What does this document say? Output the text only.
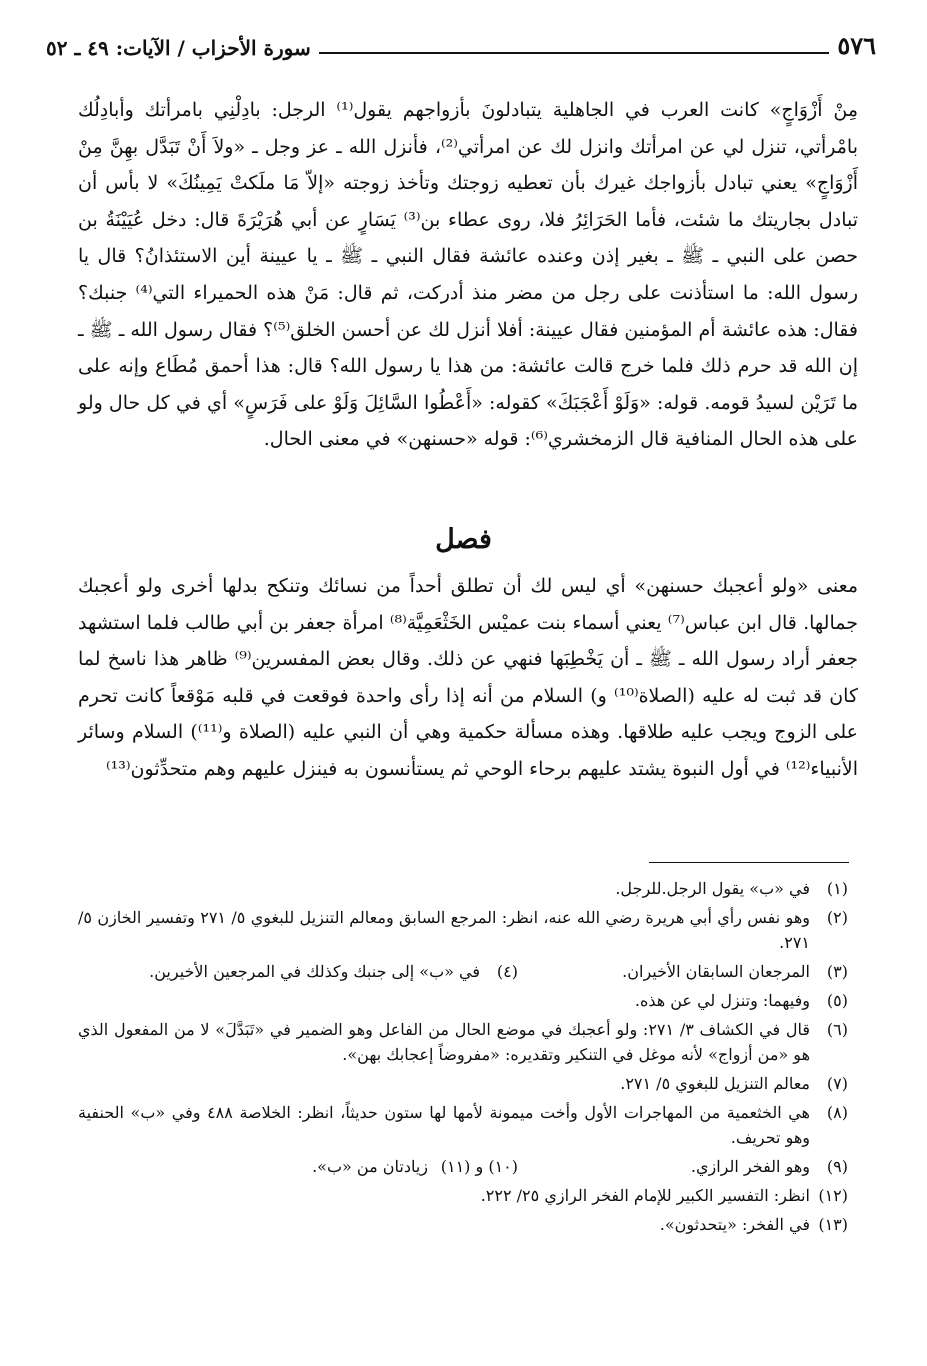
٥٧٦
سورة الأحزاب / الآيات: ٤٩ ـ ٥٢

مِنْ أَزْوَاجٍ» كانت العرب في الجاهلية يتبادلونَ بأزواجهم يقول⁽¹⁾ الرجل: بادِلْنِي بامرأتك وأبادِلُك بامْرأتي، تنزل لي عن امرأتك وانزل لك عن امرأتي⁽²⁾، فأنزل الله ـ عز وجل ـ «ولاَ أَنْ تَبَدَّل بهِنَّ مِنْ أَزْوَاجٍ» يعني تبادل بأزواجك غيرك بأن تعطيه زوجتك وتأخذ زوجته «إلاّ مَا ملَكتْ يَمِينُكَ» لا بأس أن تبادل بجاريتك ما شئت، فأما الحَرَائِرُ فلا، روى عطاء بن⁽³⁾ يَسَارٍ عن أبي هُرَيْرَةَ قال: دخل عُيَيْنَةُ بن حصن على النبي ـ ﷺ ـ بغير إذن وعنده عائشة فقال النبي ـ ﷺ ـ يا عيينة أين الاستئذانُ؟ قال يا رسول الله: ما استأذنت على رجل من مضر منذ أدركت، ثم قال: مَنْ هذه الحميراء التي⁽⁴⁾ جنبك؟ فقال: هذه عائشة أم المؤمنين فقال عيينة: أفلا أنزل لك عن أحسن الخلق⁽⁵⁾؟ فقال رسول الله ـ ﷺ ـ إن الله قد حرم ذلك فلما خرج قالت عائشة: من هذا يا رسول الله؟ قال: هذا أحمق مُطَاع وإنه على ما تَرَيْن لسيدُ قومه. قوله: «وَلَوْ أَعْجَبَكَ» كقوله: «أَعْطُوا السَّائِلَ وَلَوْ على فَرَسٍ» أي في كل حال ولو على هذه الحال المنافية قال الزمخشري⁽⁶⁾: قوله «حسنهن» في معنى الحال.

فصل

معنى «ولو أعجبك حسنهن» أي ليس لك أن تطلق أحداً من نسائك وتنكح بدلها أخرى ولو أعجبك جمالها. قال ابن عباس⁽⁷⁾ يعني أسماء بنت عميْس الخَثْعَمِيَّة⁽⁸⁾ امرأة جعفر بن أبي طالب فلما استشهد جعفر أراد رسول الله ـ ﷺ ـ أن يَخْطِبَها فنهي عن ذلك. وقال بعض المفسرين⁽⁹⁾ ظاهر هذا ناسخ لما كان قد ثبت له عليه (الصلاة⁽¹⁰⁾ و) السلام من أنه إذا رأى واحدة فوقعت في قلبه مَوْقعاً كانت تحرم على الزوج ويجب عليه طلاقها. وهذه مسألة حكمية وهي أن النبي عليه (الصلاة و⁽¹¹⁾) السلام وسائر الأنبياء⁽¹²⁾ في أول النبوة يشتد عليهم برحاء الوحي ثم يستأنسون به فينزل عليهم وهم متحدِّثون⁽¹³⁾

(١)
في «ب» يقول الرجل.للرجل.
(٢)
وهو نفس رأي أبي هريرة رضي الله عنه، انظر: المرجع السابق ومعالم التنزيل للبغوي ٥/ ٢٧١ وتفسير الخازن ٥/ ٢٧١.
(٣)
المرجعان السابقان الأخيران.
(٤)
في «ب» إلى جنبك وكذلك في المرجعين الأخيرين.
(٥)
وفيهما: وتنزل لي عن هذه.
(٦)
قال في الكشاف ٣/ ٢٧١: ولو أعجبك في موضع الحال من الفاعل وهو الضمير في «تَبَدَّلَ» لا من المفعول الذي هو «من أزواج» لأنه موغل في التنكير وتقديره: «مفروضاً إعجابك بهن».
(٧)
معالم التنزيل للبغوي ٥/ ٢٧١.
(٨)
هي الخثعمية من المهاجرات الأول وأخت ميمونة لأمها لها ستون حديثاً، انظر: الخلاصة ٤٨٨ وفي «ب» الحنفية وهو تحريف.
(٩)
وهو الفخر الرازي.
(١٠) و (١١)
زيادتان من «ب».
(١٢)
انظر: التفسير الكبير للإمام الفخر الرازي ٢٥/ ٢٢٢.
(١٣)
في الفخر: «يتحدثون».
